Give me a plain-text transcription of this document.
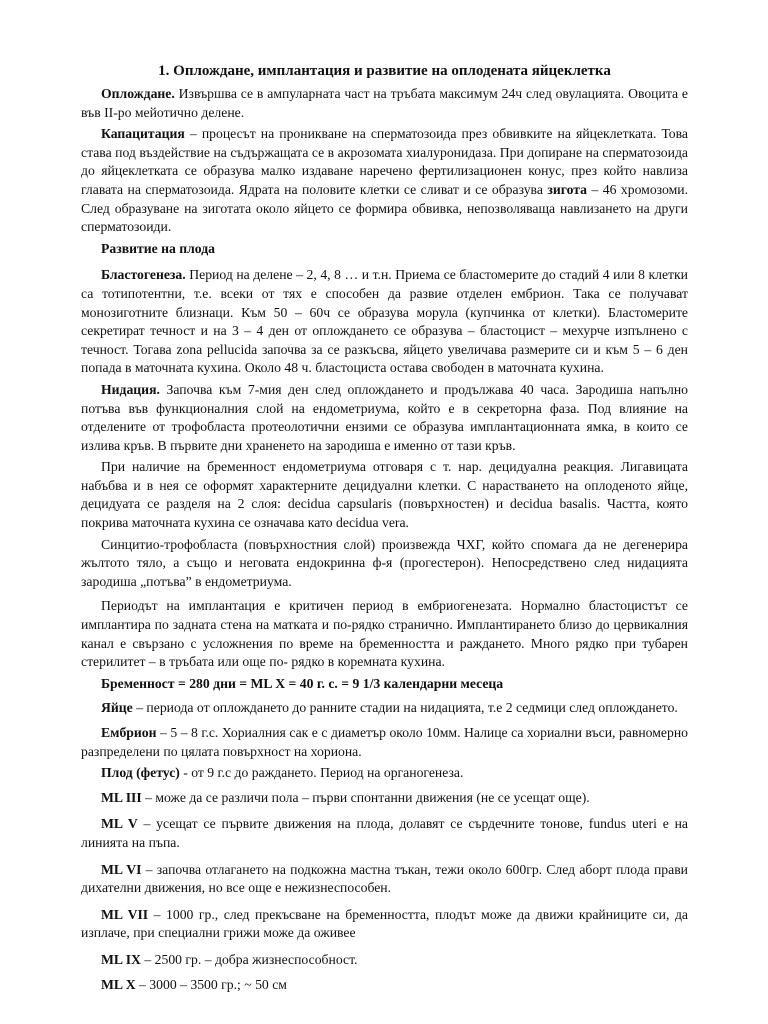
1. Оплождане, имплантация и развитие на оплодената яйцеклетка

Оплождане. Извършва се в ампуларната част на тръбата максимум 24ч след овулацията. Овоцита е във II-ро мейотично делене.

Капацитация – процесът на проникване на сперматозоида през обвивките на яйцеклетката. Това става под въздействие на съдържащата се в акрозомата хиалуронидаза. При допиране на сперматозоида до яйцеклетката се образува малко издаване наречено фертилизационен конус, през който навлиза главата на сперматозоида. Ядрата на половите клетки се сливат и се образува зигота – 46 хромозоми. След образуване на зиготата около яйцето се формира обвивка, непозволяваща навлизането на други сперматозоиди.

Развитие на плода

Бластогенеза. Период на делене – 2, 4, 8 … и т.н. Приема се бластомерите до стадий 4 или 8 клетки са тотипотентни, т.е. всеки от тях е способен да развие отделен ембрион. Така се получават монозиготните близнаци. Към 50 – 60ч се образува морула (купчинка от клетки). Бластомерите секретират течност и на 3 – 4 ден от оплождането се образува – бластоцист – мехурче изпълнено с течност. Тогава zona pellucida започва за се разкъсва, яйцето увеличава размерите си и към 5 – 6 ден попада в маточната кухина. Около 48 ч. бластоциста остава свободен в маточната кухина.

Нидация. Започва към 7-мия ден след оплождането и продължава 40 часа. Зародиша напълно потъва във функционалния слой на ендометриума, който е в секреторна фаза. Под влияние на отделените от трофобласта протеолотични ензими се образува имплантационната ямка, в които се излива кръв. В първите дни храненето на зародиша е именно от тази кръв.

При наличие на бременност ендометриума отговаря с т. нар. децидуална реакция. Лигавицата набъбва и в нея се оформят характерните децидуални клетки. С нарастването на оплоденото яйце, децидуата се разделя на 2 слоя: decidua capsularis (повърхностен) и decidua basalis. Частта, която покрива маточната кухина се означава като decidua vera.

Синцитио-трофобласта (повърхностния слой) произвежда ЧХГ, който спомага да не дегенерира жълтото тяло, а също и неговата ендокринна ф-я (прогестерон). Непосредствено след нидацията зародиша „потъва” в ендометриума.

Периодът на имплантация е критичен период в ембриогенезата. Нормално бластоцистът се имплантира по задната стена на матката и по-рядко странично. Имплантирането близо до цервикалния канал е свързано с усложнения по време на бременността и раждането. Много рядко при тубарен стерилитет – в тръбата или още по- рядко в коремната кухина.

Бременност = 280 дни = ML X = 40 г. с. = 9 1/3 календарни месеца

Яйце – периода от оплождането до ранните стадии на нидацията, т.е 2 седмици след оплождането.

Ембрион – 5 – 8 г.с. Хориалния сак е с диаметър около 10мм. Налице са хориални въси, равномерно разпределени по цялата повърхност на хориона.

Плод (фетус) - от 9 г.с до раждането. Период на органогенеза.

ML III – може да се различи пола – първи спонтанни движения (не се усещат още).

ML V – усещат се първите движения на плода, долавят се сърдечните тонове, fundus uteri е на линията на пъпа.

ML VI – започва отлагането на подкожна мастна тъкан, тежи около 600гр. След аборт плода прави дихателни движения, но все още е нежизнеспособен.

ML VII – 1000 гр., след прекъсване на бременността, плодът може да движи крайниците си, да изплаче, при специални грижи може да оживее

ML IX – 2500 гр. – добра жизнеспособност.

ML X – 3000 – 3500 гр.; ~ 50 см
